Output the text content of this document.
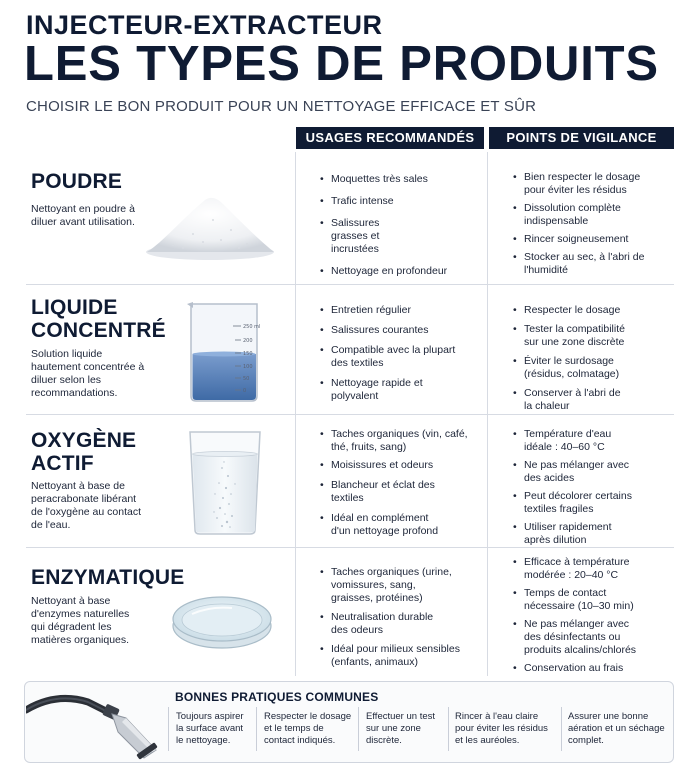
INJECTEUR-EXTRACTEUR
LES TYPES DE PRODUITS
CHOISIR LE BON PRODUIT POUR UN NETTOYAGE EFFICACE ET SÛR
USAGES RECOMMANDÉS	POINTS DE VIGILANCE
POUDRE
Nettoyant en poudre à diluer avant utilisation.
• Moquettes très sales
• Trafic intense
• Salissures grasses et incrustées
• Nettoyage en profondeur
• Bien respecter le dosage pour éviter les résidus
• Dissolution complète indispensable
• Rincer soigneusement
• Stocker au sec, à l'abri de l'humidité
LIQUIDE
CONCENTRÉ
Solution liquide hautement concentrée à diluer selon les recommandations.
250 ml
200
150
100
50
0
• Entretien régulier
• Salissures courantes
• Compatible avec la plupart des textiles
• Nettoyage rapide et polyvalent
• Respecter le dosage
• Tester la compatibilité sur une zone discrète
• Éviter le surdosage (résidus, colmatage)
• Conserver à l'abri de la chaleur
OXYGÈNE
ACTIF
Nettoyant à base de peracrabonate libérant de l'oxygène au contact de l'eau.
• Taches organiques (vin, café, thé, fruits, sang)
• Moisissures et odeurs
• Blancheur et éclat des textiles
• Idéal en complément d'un nettoyage profond
• Température d'eau idéale : 40–60 °C
• Ne pas mélanger avec des acides
• Peut décolorer certains textiles fragiles
• Utiliser rapidement après dilution
ENZYMATIQUE
Nettoyant à base d'enzymes naturelles qui dégradent les matières organiques.
• Taches organiques (urine, vomissures, sang, graisses, protéines)
• Neutralisation durable des odeurs
• Idéal pour milieux sensibles (enfants, animaux)
• Efficace à température modérée : 20–40 °C
• Temps de contact nécessaire (10–30 min)
• Ne pas mélanger avec des désinfectants ou produits alcalins/chlorés
• Conservation au frais
BONNES PRATIQUES COMMUNES
Toujours aspirer la surface avant le nettoyage.
Respecter le dosage et le temps de contact indiqués.
Effectuer un test sur une zone discrète.
Rincer à l'eau claire pour éviter les résidus et les auréoles.
Assurer une bonne aération et un séchage complet.
